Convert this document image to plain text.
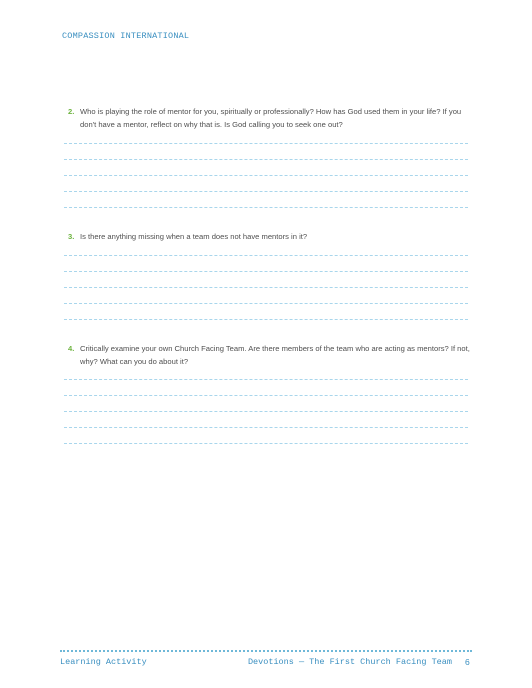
COMPASSION INTERNATIONAL
2. Who is playing the role of mentor for you, spiritually or professionally? How has God used them in your life? If you don't have a mentor, reflect on why that is. Is God calling you to seek one out?
3. Is there anything missing when a team does not have mentors in it?
4. Critically examine your own Church Facing Team. Are there members of the team who are acting as mentors? If not, why? What can you do about it?
Learning Activity	Devotions — The First Church Facing Team 6
